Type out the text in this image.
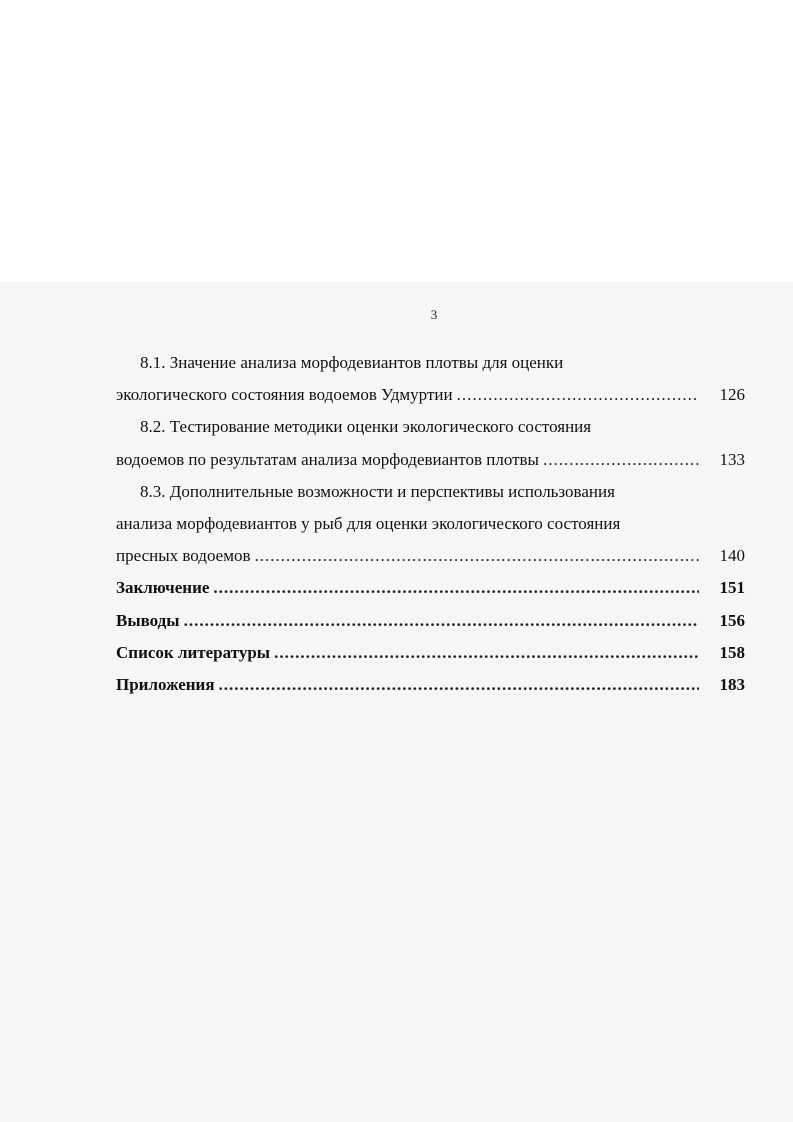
3
8.1. Значение анализа морфодевиантов плотвы для оценки
экологического состояния водоемов Удмуртии .....	126
8.2. Тестирование методики оценки экологического состояния
водоемов по результатам анализа морфодевиантов плотвы .....	133
8.3. Дополнительные возможности и перспективы использования
анализа морфодевиантов у рыб для оценки экологического состояния
пресных водоемов .....	140
Заключение .....	151
Выводы .....	156
Список литературы .....	158
Приложения .....	183
